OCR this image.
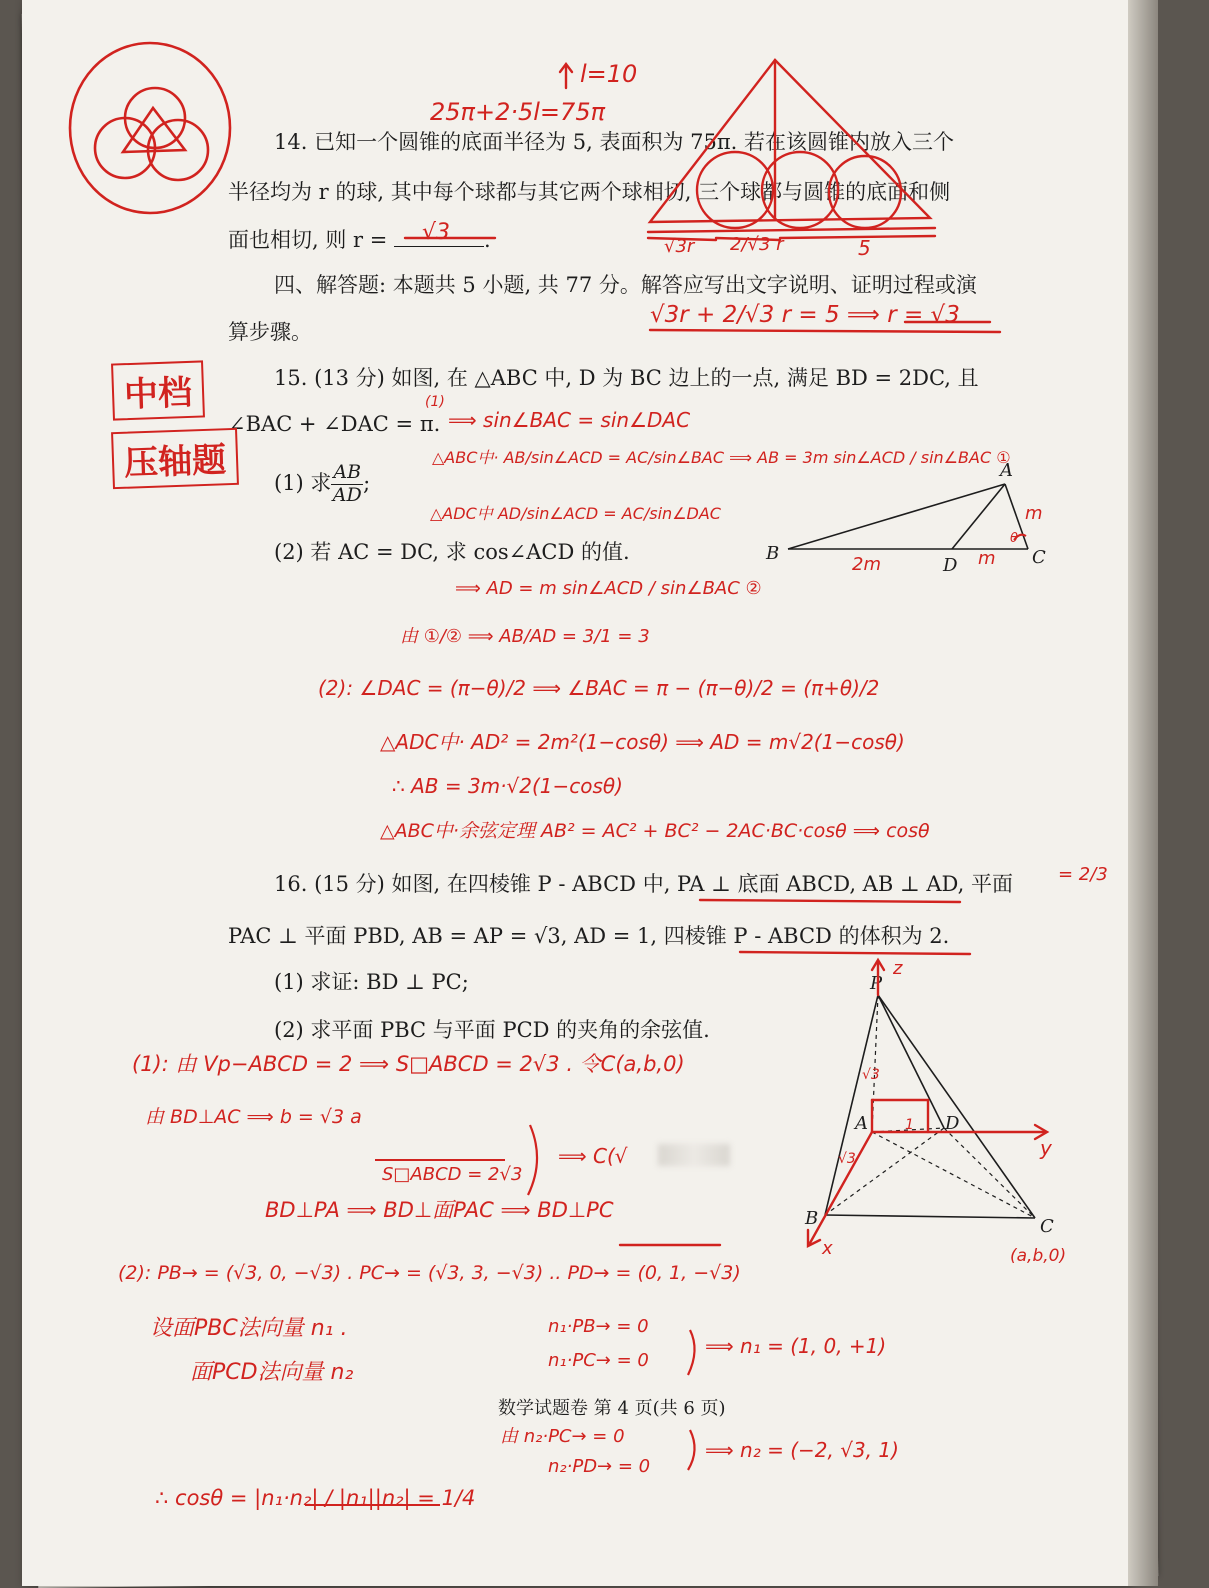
14. 已知一个圆锥的底面半径为 5, 表面积为 75π. 若在该圆锥内放入三个
半径均为 r 的球, 其中每个球都与其它两个球相切, 三个球都与圆锥的底面和侧
面也相切, 则 r =	.
四、解答题: 本题共 5 小题, 共 77 分。解答应写出文字说明、证明过程或演
算步骤。
15. (13 分) 如图, 在 △ABC 中, D 为 BC 边上的一点, 满足 BD = 2DC, 且
∠BAC + ∠DAC = π.
(1) 求 $\frac{AB}{AD}$ ;
(2) 若 AC = DC, 求 cos∠ACD 的值.
16. (15 分) 如图, 在四棱锥 P - ABCD 中, PA ⊥ 底面 ABCD, AB ⊥ AD, 平面
PAC ⊥ 平面 PBD, AB = AP = √3, AD = 1, 四棱锥 P - ABCD 的体积为 2.
(1) 求证: BD ⊥ PC;
(2) 求平面 PBC 与平面 PCD 的夹角的余弦值.
数学试题卷 第 4 页(共 6 页)
A
B
D	C
P
A	D
B	C
中档
压轴题
l=10
25π+2·5l=75π
√3
√3r 2/√3 r	5
√3r + 2/√3 r = 5 ⟹ r = √3
(1)
⟹ sin∠BAC = sin∠DAC
△ABC中· AB/sin∠ACD = AC/sin∠BAC ⟹ AB = 3m sin∠ACD / sin∠BAC ①
△ADC中 AD/sin∠ACD = AC/sin∠DAC
⟹ AD = m sin∠ACD / sin∠BAC ②
由 ①/② ⟹ AB/AD = 3/1 = 3
(2): ∠DAC = (π−θ)/2 ⟹ ∠BAC = π − (π−θ)/2 = (π+θ)/2
△ADC中· AD² = 2m²(1−cosθ) ⟹ AD = m√2(1−cosθ)
∴ AB = 3m·√2(1−cosθ)
△ABC中·余弦定理 AB² = AC² + BC² − 2AC·BC·cosθ ⟹ cosθ
= 2/3
2m	m
m
θ
z
y
x
√3
√3
1
(a,b,0)
(1): 由 Vp−ABCD = 2 ⟹ S□ABCD = 2√3 . 令C(a,b,0)
由 BD⊥AC ⟹ b = √3 a
S□ABCD = 2√3
⟹ C(√
BD⊥PA ⟹ BD⊥面PAC ⟹ BD⊥PC
(2): PB→ = (√3, 0, −√3) . PC→ = (√3, 3, −√3) .. PD→ = (0, 1, −√3)
设面PBC法向量 n₁ .	n₁·PB→ = 0
n₁·PC→ = 0
⟹ n₁ = (1, 0, +1)
面PCD法向量 n₂
由 n₂·PC→ = 0
n₂·PD→ = 0
⟹ n₂ = (−2, √3, 1)
∴ cosθ = |n₁·n₂| / |n₁||n₂| = 1/4
